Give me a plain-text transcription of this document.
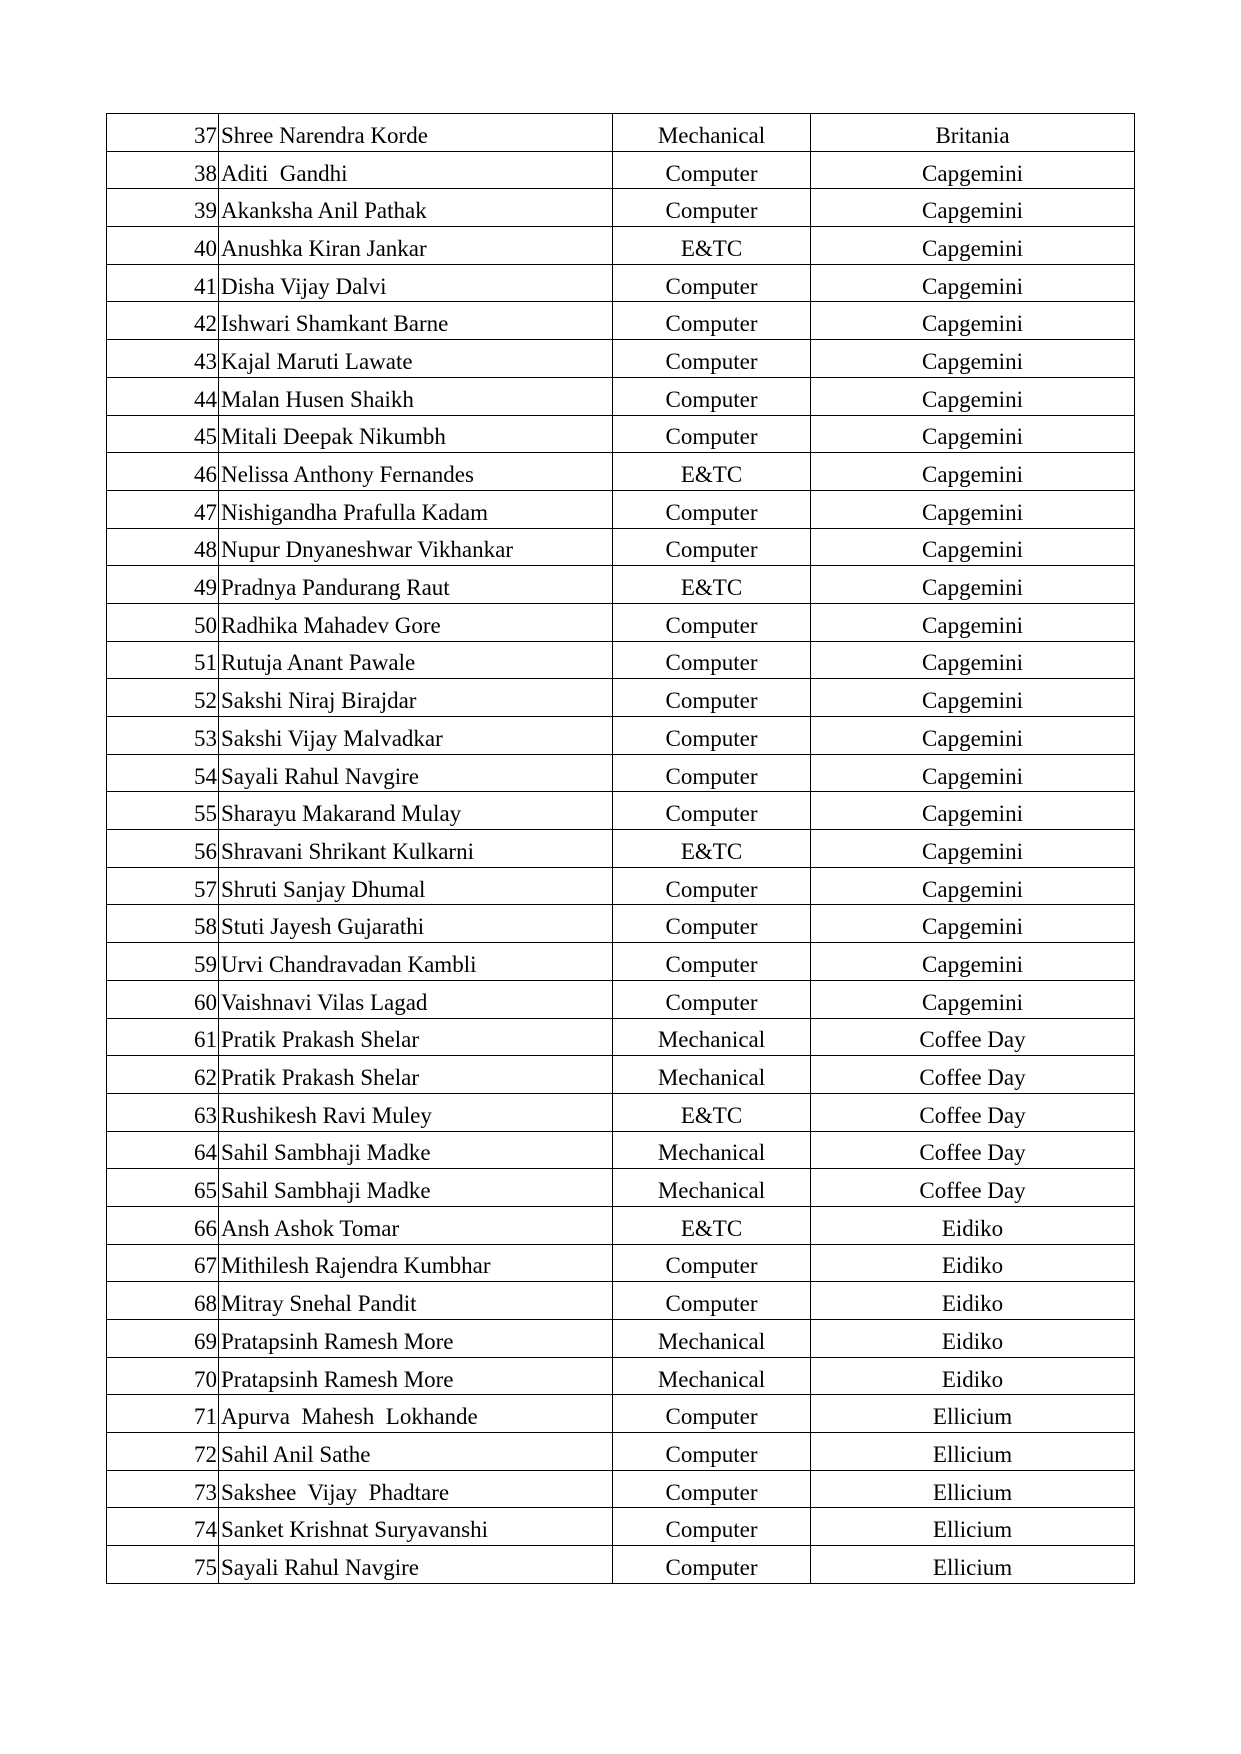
37	Shree Narendra Korde	Mechanical	Britania
38	Aditi  Gandhi	Computer	Capgemini
39	Akanksha Anil Pathak	Computer	Capgemini
40	Anushka Kiran Jankar	E&TC	Capgemini
41	Disha Vijay Dalvi	Computer	Capgemini
42	Ishwari Shamkant Barne	Computer	Capgemini
43	Kajal Maruti Lawate	Computer	Capgemini
44	Malan Husen Shaikh	Computer	Capgemini
45	Mitali Deepak Nikumbh	Computer	Capgemini
46	Nelissa Anthony Fernandes	E&TC	Capgemini
47	Nishigandha Prafulla Kadam	Computer	Capgemini
48	Nupur Dnyaneshwar Vikhankar	Computer	Capgemini
49	Pradnya Pandurang Raut	E&TC	Capgemini
50	Radhika Mahadev Gore	Computer	Capgemini
51	Rutuja Anant Pawale	Computer	Capgemini
52	Sakshi Niraj Birajdar	Computer	Capgemini
53	Sakshi Vijay Malvadkar	Computer	Capgemini
54	Sayali Rahul Navgire	Computer	Capgemini
55	Sharayu Makarand Mulay	Computer	Capgemini
56	Shravani Shrikant Kulkarni	E&TC	Capgemini
57	Shruti Sanjay Dhumal	Computer	Capgemini
58	Stuti Jayesh Gujarathi	Computer	Capgemini
59	Urvi Chandravadan Kambli	Computer	Capgemini
60	Vaishnavi Vilas Lagad	Computer	Capgemini
61	Pratik Prakash Shelar	Mechanical	Coffee Day
62	Pratik Prakash Shelar	Mechanical	Coffee Day
63	Rushikesh Ravi Muley	E&TC	Coffee Day
64	Sahil Sambhaji Madke	Mechanical	Coffee Day
65	Sahil Sambhaji Madke	Mechanical	Coffee Day
66	Ansh Ashok Tomar	E&TC	Eidiko
67	Mithilesh Rajendra Kumbhar	Computer	Eidiko
68	Mitray Snehal Pandit	Computer	Eidiko
69	Pratapsinh Ramesh More	Mechanical	Eidiko
70	Pratapsinh Ramesh More	Mechanical	Eidiko
71	Apurva  Mahesh  Lokhande	Computer	Ellicium
72	Sahil Anil Sathe	Computer	Ellicium
73	Sakshee  Vijay  Phadtare	Computer	Ellicium
74	Sanket Krishnat Suryavanshi	Computer	Ellicium
75	Sayali Rahul Navgire	Computer	Ellicium
